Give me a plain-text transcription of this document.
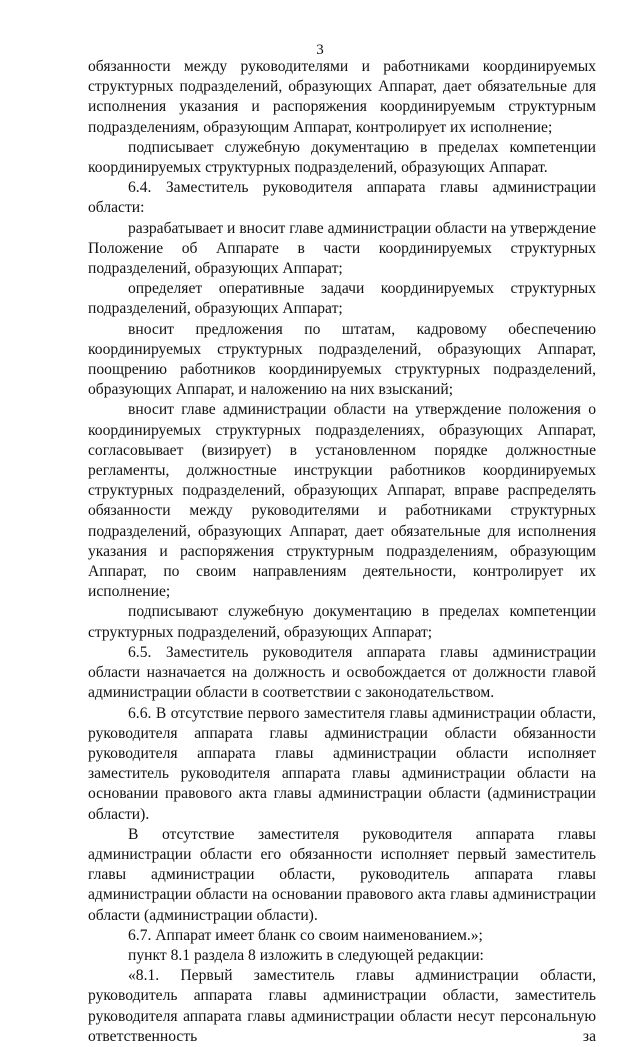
3

обязанности между руководителями и работниками координируемых структурных подразделений, образующих Аппарат, дает обязательные для исполнения указания и распоряжения координируемым структурным подразделениям, образующим Аппарат, контролирует их исполнение;

подписывает служебную документацию в пределах компетенции координируемых структурных подразделений, образующих Аппарат.

6.4. Заместитель руководителя аппарата главы администрации области:

разрабатывает и вносит главе администрации области на утверждение Положение об Аппарате в части координируемых структурных подразделений, образующих Аппарат;

определяет оперативные задачи координируемых структурных подразделений, образующих Аппарат;

вносит предложения по штатам, кадровому обеспечению координируемых структурных подразделений, образующих Аппарат, поощрению работников координируемых структурных подразделений, образующих Аппарат, и наложению на них взысканий;

вносит главе администрации области на утверждение положения о координируемых структурных подразделениях, образующих Аппарат, согласовывает (визирует) в установленном порядке должностные регламенты, должностные инструкции работников координируемых структурных подразделений, образующих Аппарат, вправе распределять обязанности между руководителями и работниками структурных подразделений, образующих Аппарат, дает обязательные для исполнения указания и распоряжения структурным подразделениям, образующим Аппарат, по своим направлениям деятельности, контролирует их исполнение;

подписывают служебную документацию в пределах компетенции структурных подразделений, образующих Аппарат;

6.5. Заместитель руководителя аппарата главы администрации области назначается на должность и освобождается от должности главой администрации области в соответствии с законодательством.

6.6. В отсутствие первого заместителя главы администрации области, руководителя аппарата главы администрации области обязанности руководителя аппарата главы администрации области исполняет заместитель руководителя аппарата главы администрации области на основании правового акта главы администрации области (администрации области).

В отсутствие заместителя руководителя аппарата главы администрации области его обязанности исполняет первый заместитель главы администрации области, руководитель аппарата главы администрации области на основании правового акта главы администрации области (администрации области).

6.7. Аппарат имеет бланк со своим наименованием.»;

пункт 8.1 раздела 8 изложить в следующей редакции:

«8.1. Первый заместитель главы администрации области, руководитель аппарата главы администрации области, заместитель руководителя аппарата главы администрации области несут персональную ответственность за
